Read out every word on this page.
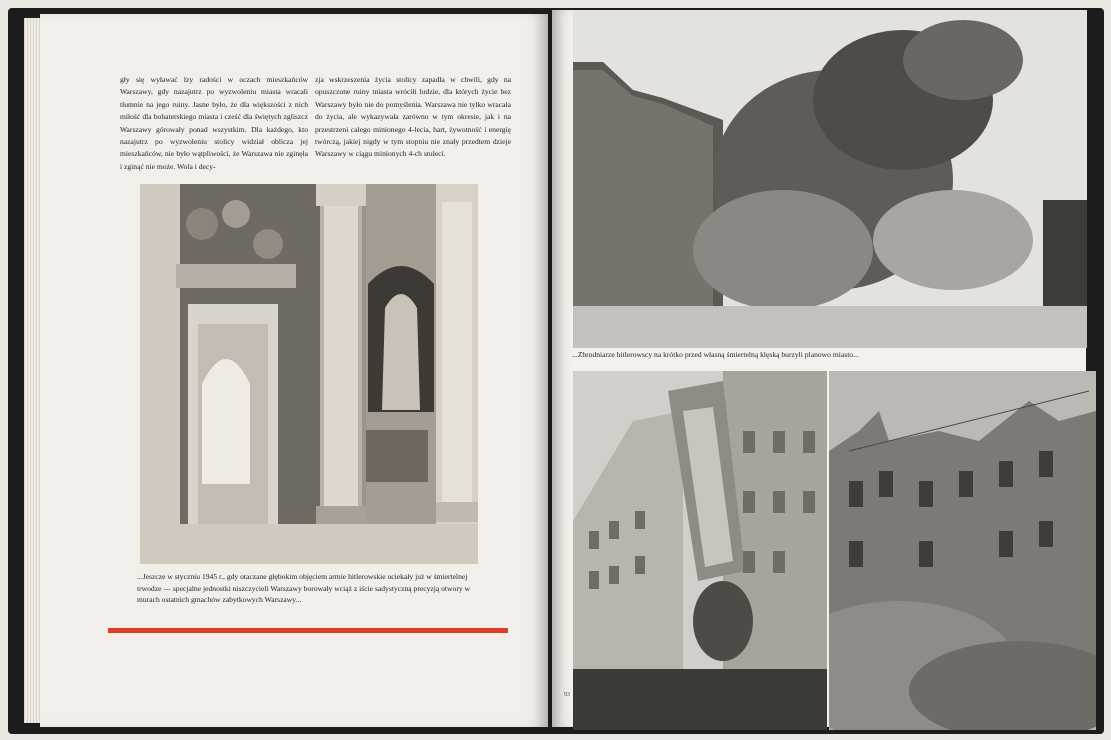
gły się wyławać łzy radości w oczach mieszkańców Warszawy, gdy nazajutrz po wyzwoleniu miasta wracali tłumnie na jego ruiny. Jasne było, że dla większości z nich miłość dla bohaterskiego miasta i cześć dla świętych zgliszcz Warszawy górowały ponad wszystkim. Dla każdego, kto nazajutrz po wyzwoleniu stolicy widział oblicza jej mieszkańców, nie było wątpliwości, że Warszawa nie zginęła i zginąć nie może. Wola i decy-
zja wskrzeszenia życia stolicy zapadła w chwili, gdy na opuszczone ruiny miasta wróciłi ludzie, dla których życie bez Warszawy było nie do pomyślenia. Warszawa nie tylko wracała do życia, ale wykazywała zarówno w tym okresie, jak i na przestrzeni całego minionego 4-lecia, hart, żywotność i energię twórczą, jakiej nigdy w tym stopniu nie znały przedtem dzieje Warszawy w ciągu minionych 4-ch stuleci.
...Jeszcze w styczniu 1945 r., gdy otaczane głębokim objęciem armie hitlerowskie uciekały już w śmiertelnej trwodze — specjalne jednostki niszczycieli Warszawy borowały wciąż z iście sadystyczną precyzją otwory w murach ostatnich gmachów zabytkowych Warszawy...
...Zbrodniarze hitlerowscy na krótko przed własną śmiertelną klęską burzyli planowo miasto...
93
